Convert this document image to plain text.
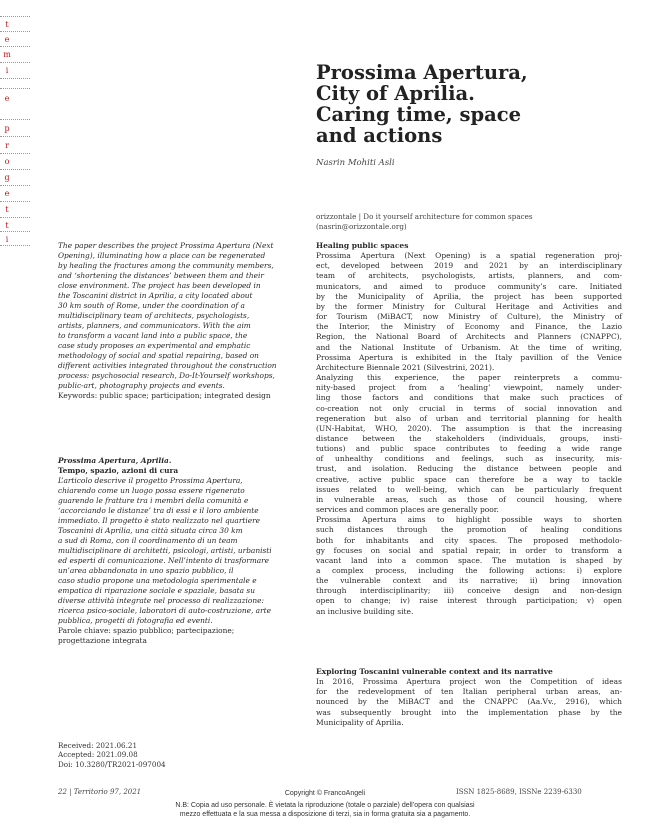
t
e
m
i
e
p
r
o
g
e
t
t
i
Prossima Apertura,
City of Aprilia.
Caring time, space
and actions
Nasrin Mohiti Asli
orizzontale | Do it yourself architecture for common spaces
(nasrin@orizzontale.org)
The paper describes the project Prossima Apertura (Next
Opening), illuminating how a place can be regenerated
by healing the fractures among the community members,
and ‘shortening the distances’ between them and their
close environment. The project has been developed in
the Toscanini district in Aprilia, a city located about
30 km south of Rome, under the coordination of a
multidisciplinary team of architects, psychologists,
artists, planners, and communicators. With the aim
to transform a vacant land into a public space, the
case study proposes an experimental and emphatic
methodology of social and spatial repairing, based on
different activities integrated throughout the construction
process: psychosocial research, Do-It-Yourself workshops,
public-art, photography projects and events.
Keywords: public space; participation; integrated design
Prossima Apertura, Aprilia.
Tempo, spazio, azioni di cura
L’articolo descrive il progetto Prossima Apertura,
chiarendo come un luogo possa essere rigenerato
guarendo le fratture tra i membri della comunità e
‘accorciando le distanze’ tra di essi e il loro ambiente
immediato. Il progetto è stato realizzato nel quartiere
Toscanini di Aprilia, una città situata circa 30 km
a sud di Roma, con il coordinamento di un team
multidisciplinare di architetti, psicologi, artisti, urbanisti
ed esperti di comunicazione. Nell’intento di trasformare
un’area abbandonata in uno spazio pubblico, il
caso studio propone una metodologia sperimentale e
empatica di riparazione sociale e spaziale, basata su
diverse attività integrate nel processo di realizzazione:
ricerca psico-sociale, laboratori di auto-costruzione, arte
pubblica, progetti di fotografia ed eventi.
Parole chiave: spazio pubblico; partecipazione;
progettazione integrata
Received: 2021.06.21
Accepted: 2021.09.08
Doi: 10.3280/TR2021-097004
Healing public spaces
Prossima Apertura (Next Opening) is a spatial regeneration proj-
ect, developed between 2019 and 2021 by an interdisciplinary
team of architects, psychologists, artists, planners, and com-
municators, and aimed to produce community’s care. Initiated
by the Municipality of Aprilia, the project has been supported
by the former Ministry for Cultural Heritage and Activities and
for Tourism (MiBACT, now Ministry of Culture), the Ministry of
the Interior, the Ministry of Economy and Finance, the Lazio
Region, the National Board of Architects and Planners (CNAPPC),
and the National Institute of Urbanism. At the time of writing,
Prossima Apertura is exhibited in the Italy pavillion of the Venice
Architecture Biennale 2021 (Silvestrini, 2021).
Analyzing this experience, the paper reinterprets a commu-
nity-based project from a ‘healing’ viewpoint, namely under-
ling those factors and conditions that make such practices of
co-creation not only crucial in terms of social innovation and
regeneration but also of urban and territorial planning for health
(UN-Habitat, WHO, 2020). The assumption is that the increasing
distance between the stakeholders (individuals, groups, insti-
tutions) and public space contributes to feeding a wide range
of unhealthy conditions and feelings, such as insecurity, mis-
trust, and isolation. Reducing the distance between people and
creative, active public space can therefore be a way to tackle
issues related to well-being, which can be particularly frequent
in vulnerable areas, such as those of council housing, where
services and common places are generally poor.
Prossima Apertura aims to highlight possible ways to shorten
such distances through the promotion of healing conditions
both for inhabitants and city spaces. The proposed methodolo-
gy focuses on social and spatial repair, in order to transform a
vacant land into a common space. The mutation is shaped by
a complex process, including the following actions: i) explore
the vulnerable context and its narrative; ii) bring innovation
through interdisciplinarity; iii) conceive design and non-design
open to change; iv) raise interest through participation; v) open
an inclusive building site.
Exploring Toscanini vulnerable context and its narrative
In 2016, Prossima Apertura project won the Competition of ideas
for the redevelopment of ten Italian peripheral urban areas, an-
nounced by the MiBACT and the CNAPPC (Aa.Vv., 2916), which
was subsequently brought into the implementation phase by the
Municipality of Aprilia.
22 | Territorio 97, 2021	Copyright © FrancoAngeli	ISSN 1825-8689, ISSNe 2239-6330
N.B: Copia ad uso personale. È vietata la riproduzione (totale o parziale) dell’opera con qualsiasi
mezzo effettuata e la sua messa a disposizione di terzi, sia in forma gratuita sia a pagamento.
